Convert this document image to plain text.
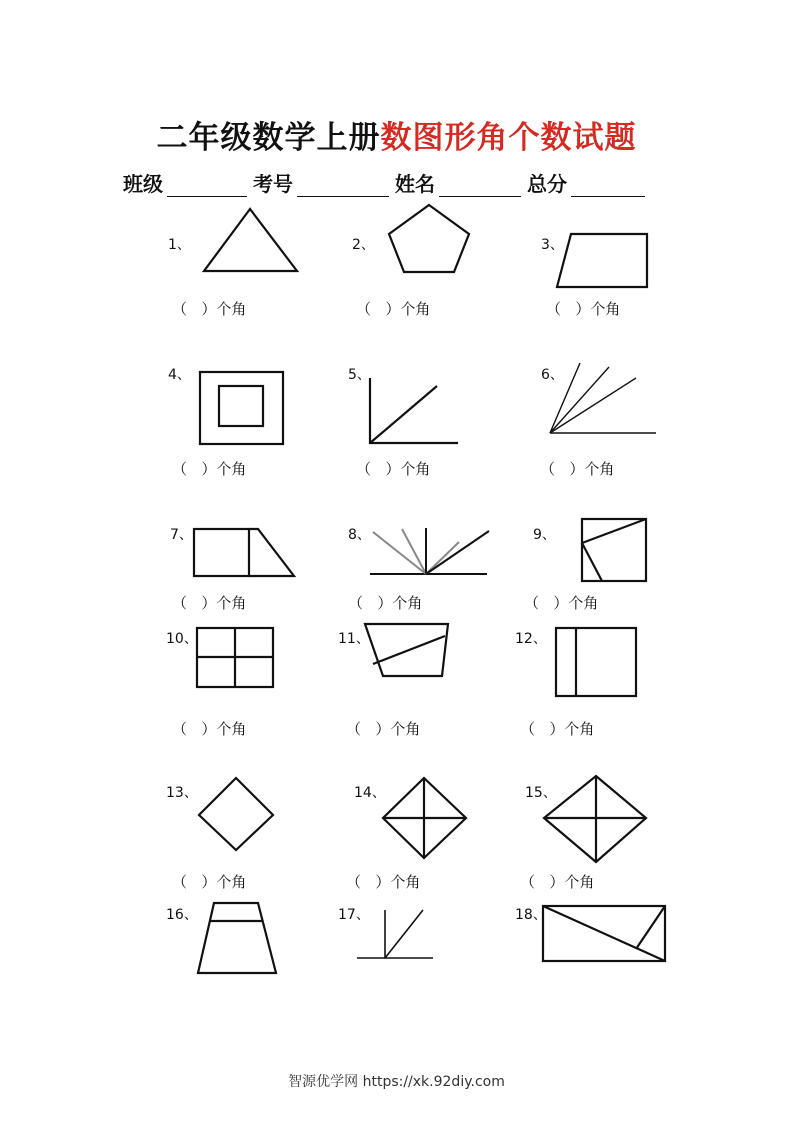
二年级数学上册数图形角个数试题
班级	考号	姓名	总分
1、	2、	3、
4、	5、	6、
7、	8、	9、
10、	11、	12、
13、	14、	15、
16、	17、	18、
（ ）个角	（ ）个角	（ ）个角
（ ）个角	（ ）个角	（ ）个角
（ ）个角	（ ）个角	（ ）个角
（ ）个角	（ ）个角	（ ）个角
（ ）个角	（ ）个角	（ ）个角
智源优学网 https://xk.92diy.com
